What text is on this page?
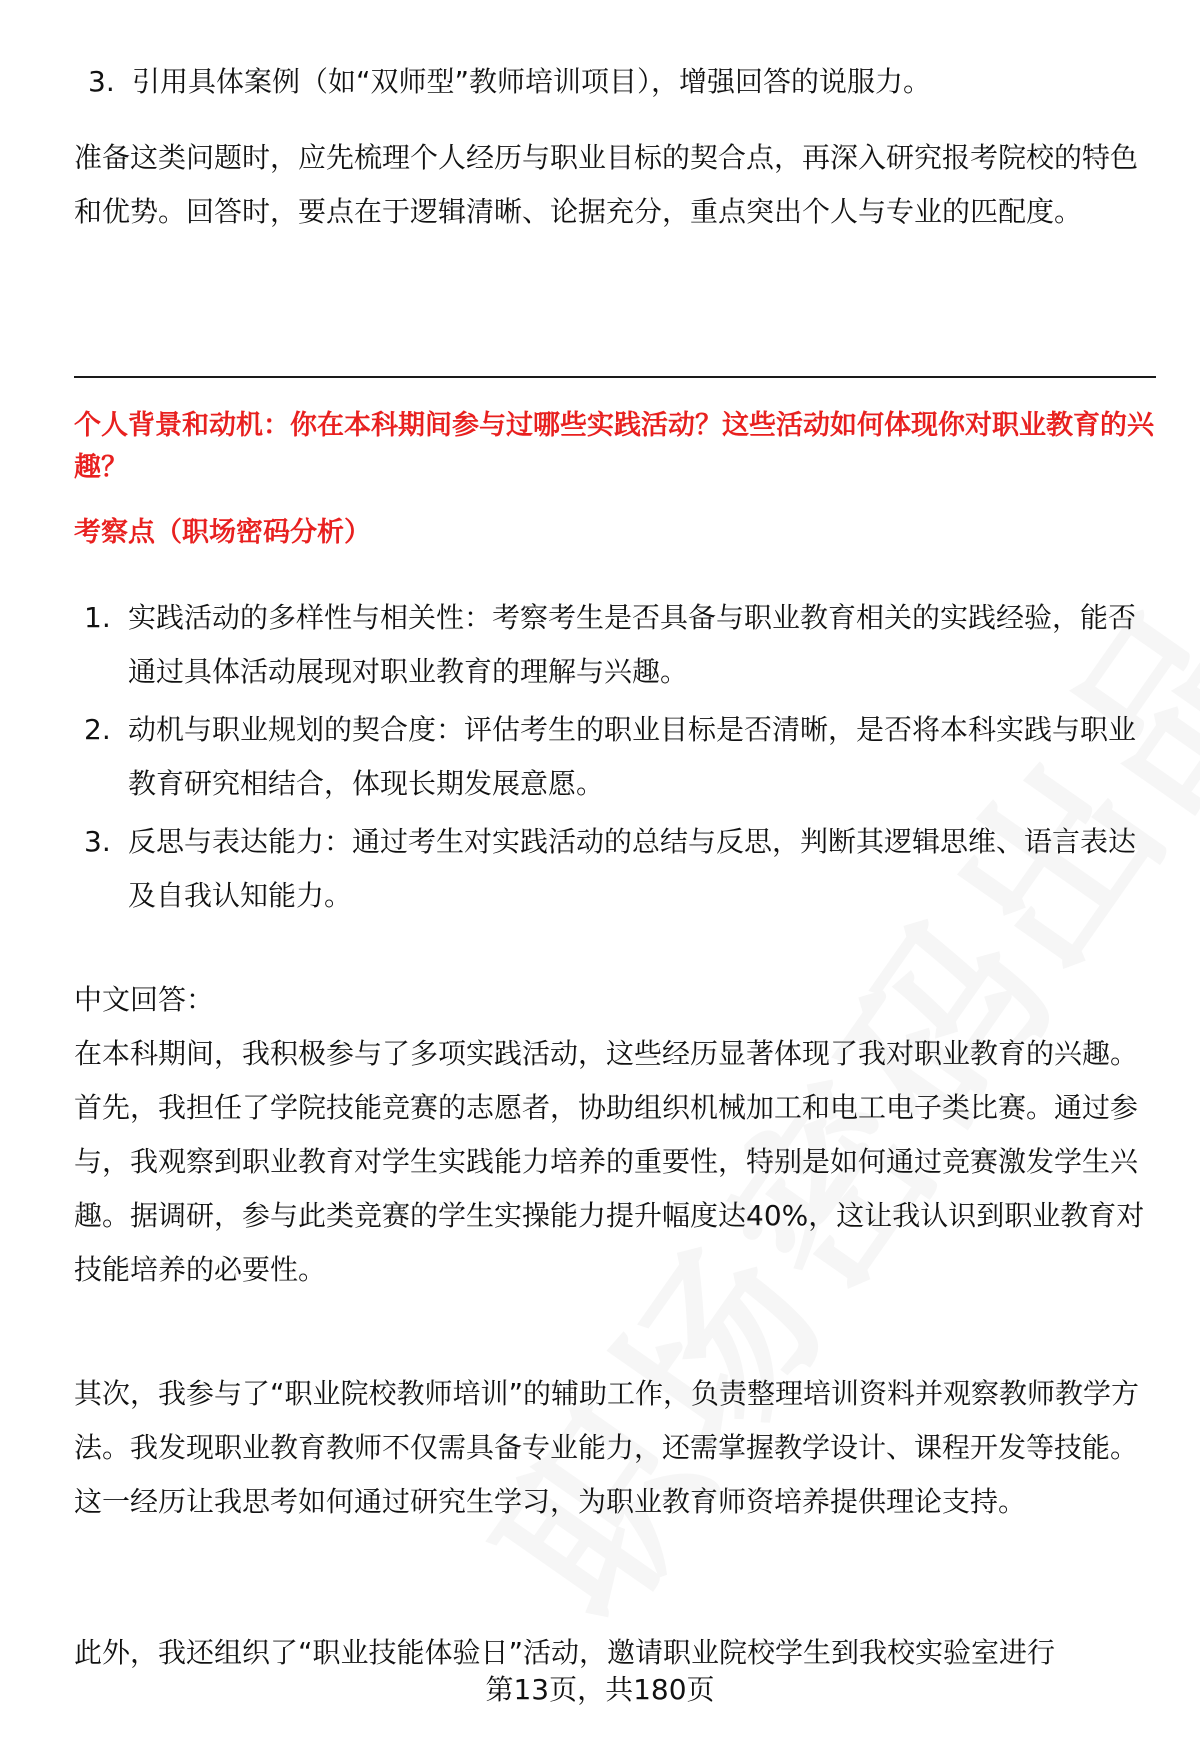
3. 引用具体案例（如“双师型”教师培训项目），增强回答的说服力。

准备这类问题时，应先梳理个人经历与职业目标的契合点，再深入研究报考院校的特色和优势。回答时，要点在于逻辑清晰、论据充分，重点突出个人与专业的匹配度。

个人背景和动机：你在本科期间参与过哪些实践活动？这些活动如何体现你对职业教育的兴趣？

考察点（职场密码分析）

1. 实践活动的多样性与相关性：考察考生是否具备与职业教育相关的实践经验，能否通过具体活动展现对职业教育的理解与兴趣。
2. 动机与职业规划的契合度：评估考生的职业目标是否清晰，是否将本科实践与职业教育研究相结合，体现长期发展意愿。
3. 反思与表达能力：通过考生对实践活动的总结与反思，判断其逻辑思维、语言表达及自我认知能力。

中文回答：

在本科期间，我积极参与了多项实践活动，这些经历显著体现了我对职业教育的兴趣。首先，我担任了学院技能竞赛的志愿者，协助组织机械加工和电工电子类比赛。通过参与，我观察到职业教育对学生实践能力培养的重要性，特别是如何通过竞赛激发学生兴趣。据调研，参与此类竞赛的学生实操能力提升幅度达40%，这让我认识到职业教育对技能培养的必要性。

其次，我参与了“职业院校教师培训”的辅助工作，负责整理培训资料并观察教师教学方法。我发现职业教育教师不仅需具备专业能力，还需掌握教学设计、课程开发等技能。这一经历让我思考如何通过研究生学习，为职业教育师资培养提供理论支持。

此外，我还组织了“职业技能体验日”活动，邀请职业院校学生到我校实验室进行

第13页，共180页
